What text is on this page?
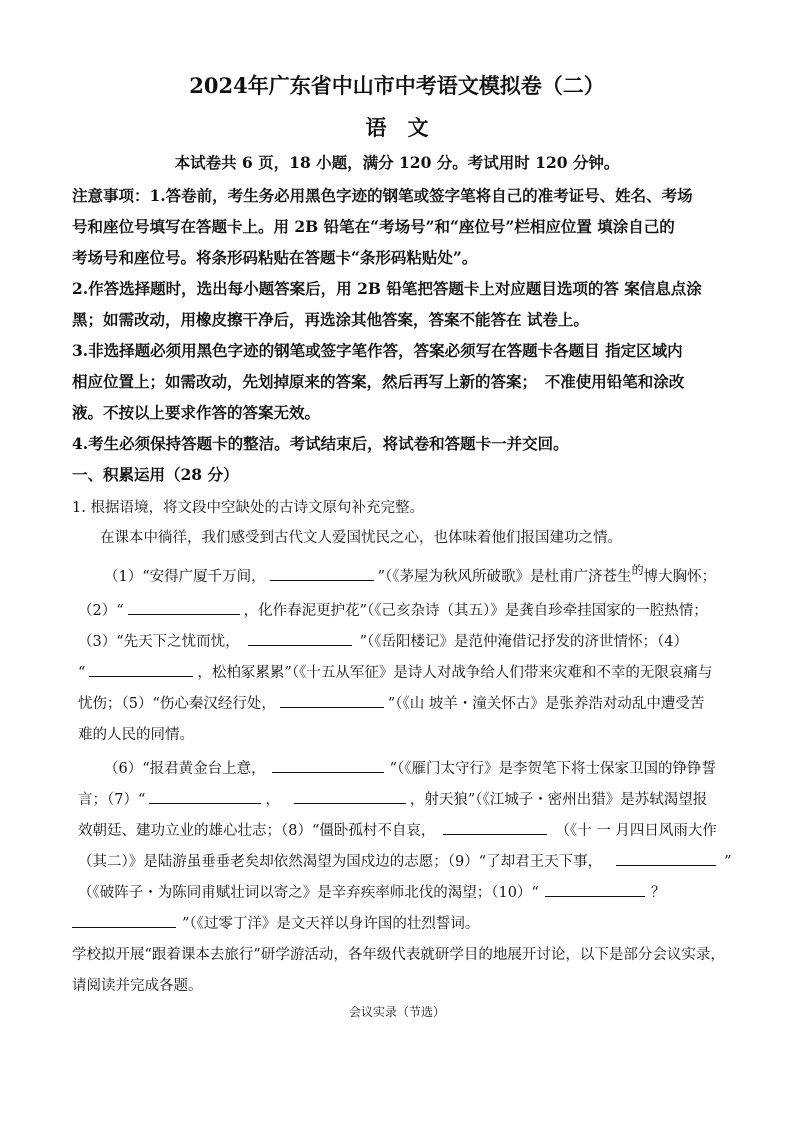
2024年广东省中山市中考语文模拟卷（二）
语　文
本试卷共 6 页，18 小题，满分 120 分。考试用时 120 分钟。
注意事项：1.答卷前，考生务必用黑色字迹的钢笔或签字笔将自己的准考证号、姓名、考场
号和座位号填写在答题卡上。用 2B 铅笔在“考场号”和“座位号”栏相应位置 填涂自己的
考场号和座位号。将条形码粘贴在答题卡“条形码粘贴处”。
2.作答选择题时，选出每小题答案后，用 2B 铅笔把答题卡上对应题目选项的答 案信息点涂
黑；如需改动，用橡皮擦干净后，再选涂其他答案，答案不能答在 试卷上。
3.非选择题必须用黑色字迹的钢笔或签字笔作答，答案必须写在答题卡各题目 指定区域内
相应位置上；如需改动，先划掉原来的答案，然后再写上新的答案；　不准使用铅笔和涂改
液。不按以上要求作答的答案无效。
4.考生必须保持答题卡的整洁。考试结束后，将试卷和答题卡一并交回。
一、积累运用（28 分）
1. 根据语境，将文段中空缺处的古诗文原句补充完整。
在课本中徜徉，我们感受到古代文人爱国忧民之心，也体味着他们报国建功之情。
（1）“安得广厦千万间，	”（《茅屋为秋风所破歌》是杜甫广济苍生$^的$博大胸怀；
（2）“	，化作春泥更护花”（《己亥杂诗（其五）》是龚自珍牵挂国家的一腔热情；
（3）“先天下之忧而忧，	”（《岳阳楼记》是范仲淹借记抒发的济世情怀；（4）
“	，松柏冢累累”（《十五从军征》是诗人对战争给人们带来灾难和不幸的无限哀痛与
忧伤；（5）“伤心秦汉经行处，	”（《山 坡羊・潼关怀古》是张养浩对动乱中遭受苦
难的人民的同情。
（6）“报君黄金台上意，	”（《雁门太守行》是李贺笔下将士保家卫国的铮铮誓
言；（7）“	，	，射天狼”（《江城子・密州出猎》是苏轼渴望报
效朝廷、建功立业的雄心壮志；（8）“僵卧孤村不自哀，	（《十 一 月四日风雨大作
（其二）》是陆游虽垂垂老矣却依然渴望为国戍边的志愿；（9）“了却君王天下事，	”
（《破阵子・为陈同甫赋壮词以寄之》是辛弃疾率师北伐的渴望；（10）“	？
”（《过零丁洋》是文天祥以身许国的壮烈誓词。
学校拟开展“跟着课本去旅行”研学游活动，各年级代表就研学目的地展开讨论，以下是部分会议实录，
请阅读并完成各题。
会议实录（节选）
